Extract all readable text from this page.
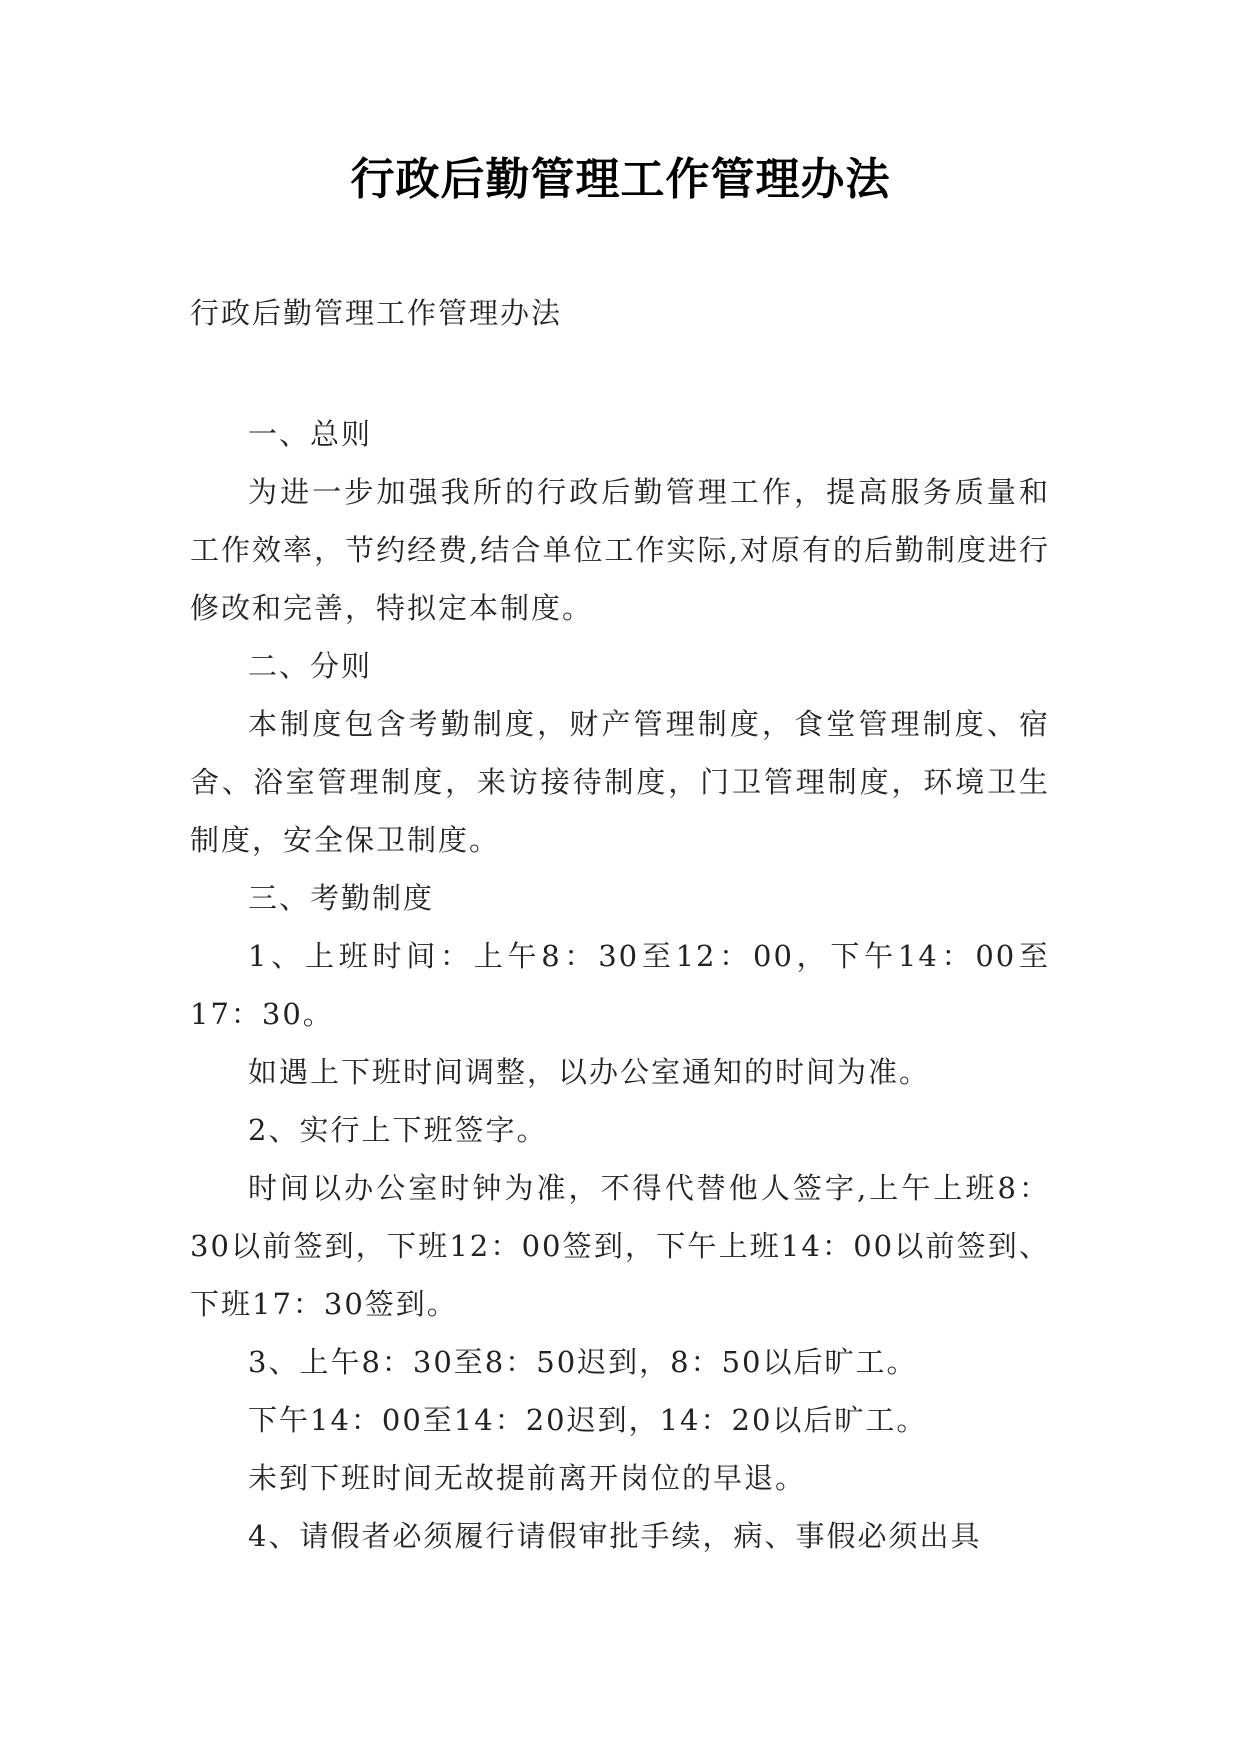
行政后勤管理工作管理办法
行政后勤管理工作管理办法

一、总则

为进一步加强我所的行政后勤管理工作，提高服务质量和工作效率，节约经费,结合单位工作实际,对原有的后勤制度进行修改和完善，特拟定本制度。

二、分则

本制度包含考勤制度，财产管理制度，食堂管理制度、宿舍、浴室管理制度，来访接待制度，门卫管理制度，环境卫生制度，安全保卫制度。

三、考勤制度

1、上班时间：上午8：30至12：00，下午14：00至17：30。

如遇上下班时间调整，以办公室通知的时间为准。

2、实行上下班签字。

时间以办公室时钟为准，不得代替他人签字,上午上班8：30以前签到，下班12：00签到，下午上班14：00以前签到、下班17：30签到。

3、上午8：30至8：50迟到，8：50以后旷工。

下午14：00至14：20迟到，14：20以后旷工。

未到下班时间无故提前离开岗位的早退。

4、请假者必须履行请假审批手续，病、事假必须出具
